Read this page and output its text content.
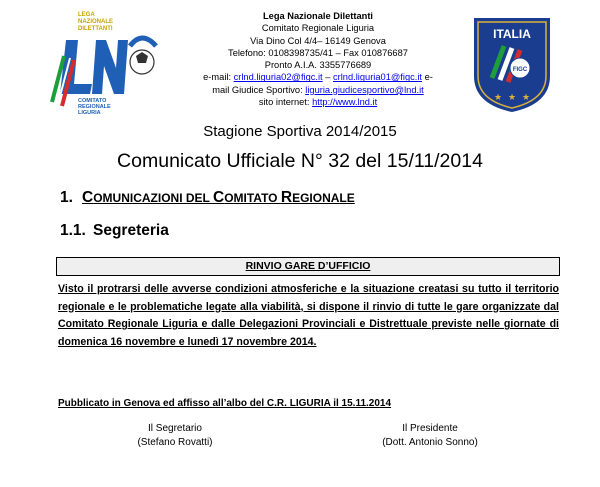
LEGA
NAZIONALE
DILETTANTI
COMITATO
REGIONALE
LIGURIA
Lega Nazionale Dilettanti
Comitato Regionale Liguria
Via Dino Col 4/4– 16149 Genova
Telefono: 0108398735/41 – Fax 010876687
Pronto A.I.A. 3355776689
e-mail: crlnd.liguria02@figc.it – crlnd.liguria01@figc.it e-
mail Giudice Sportivo: liguria.giudicesportivo@lnd.it
sito internet: http://www.lnd.it
ITALIA
FIGC
★ ★ ★
Stagione Sportiva 2014/2015
Comunicato Ufficiale N° 32 del 15/11/2014
1. COMUNICAZIONI DEL COMITATO REGIONALE
1.1. Segreteria
RINVIO GARE D’UFFICIO
Visto il protrarsi delle avverse condizioni atmosferiche e la situazione creatasi su tutto il territorio regionale e le problematiche legate alla viabilità, si dispone il rinvio di tutte le gare organizzate dal Comitato Regionale Liguria e dalle Delegazioni Provinciali e Distrettuale previste nelle giornate di domenica 16 novembre e lunedì 17 novembre 2014.
Pubblicato in Genova ed affisso all’albo del C.R. LIGURIA il 15.11.2014
Il Segretario
(Stefano Rovatti)
Il Presidente
(Dott. Antonio Sonno)
